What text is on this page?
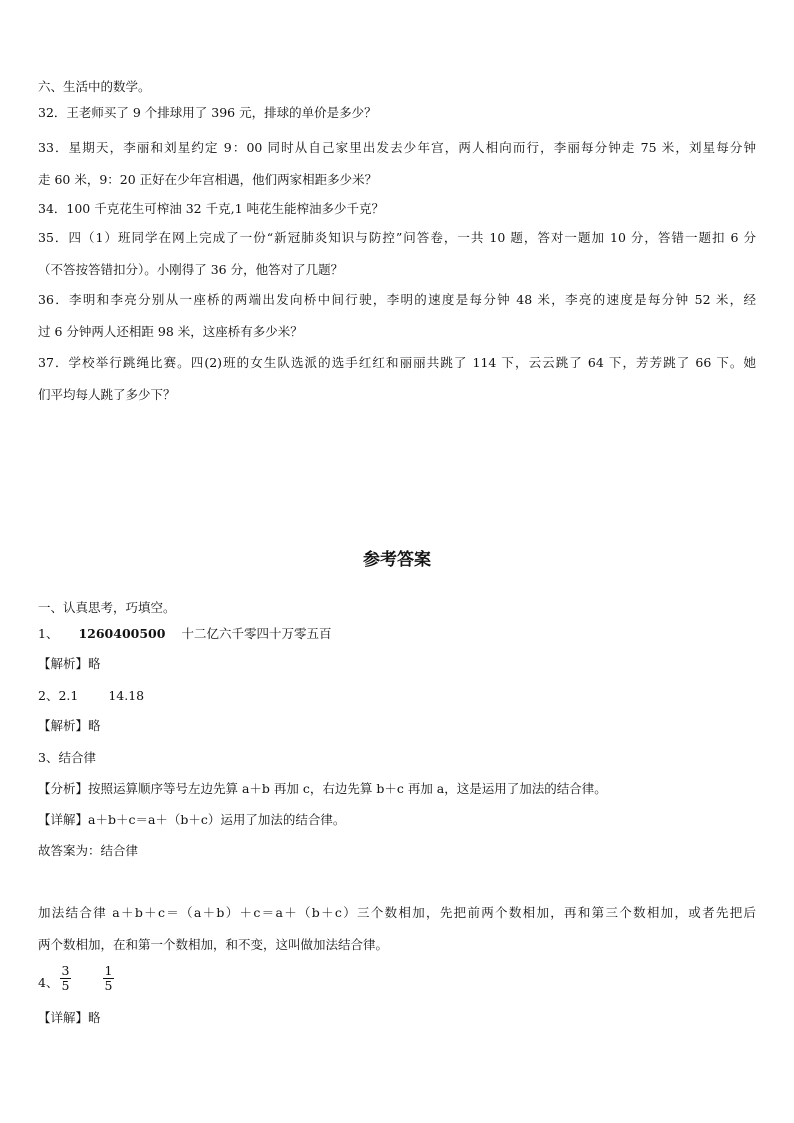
六、生活中的数学。
32．王老师买了 9 个排球用了 396 元，排球的单价是多少？
33．星期天，李丽和刘星约定 9：00 同时从自己家里出发去少年宫，两人相向而行，李丽每分钟走 75 米，刘星每分钟
走 60 米，9：20 正好在少年宫相遇，他们两家相距多少米？
34．100 千克花生可榨油 32 千克,1 吨花生能榨油多少千克？
35．四（1）班同学在网上完成了一份“新冠肺炎知识与防控”问答卷，一共 10 题，答对一题加 10 分，答错一题扣 6 分
（不答按答错扣分）。小刚得了 36 分，他答对了几题？
36．李明和李亮分别从一座桥的两端出发向桥中间行驶，李明的速度是每分钟 48 米，李亮的速度是每分钟 52 米，经
过 6 分钟两人还相距 98 米，这座桥有多少米？
37．学校举行跳绳比赛。四(2)班的女生队选派的选手红红和丽丽共跳了 114 下，云云跳了 64 下，芳芳跳了 66 下。她
们平均每人跳了多少下？
参考答案
一、认真思考，巧填空。
1、 1260400500 十二亿六千零四十万零五百
【解析】略
2、2.1 14.18
【解析】略
3、结合律
【分析】按照运算顺序等号左边先算 a＋b 再加 c，右边先算 b＋c 再加 a，这是运用了加法的结合律。
【详解】a＋b＋c＝a＋（b＋c）运用了加法的结合律。
故答案为：结合律
加法结合律 a＋b＋c＝（a＋b）＋c＝a＋（b＋c）三个数相加，先把前两个数相加，再和第三个数相加，或者先把后
两个数相加，在和第一个数相加，和不变，这叫做加法结合律。
4、
3
5
1
5
【详解】略
